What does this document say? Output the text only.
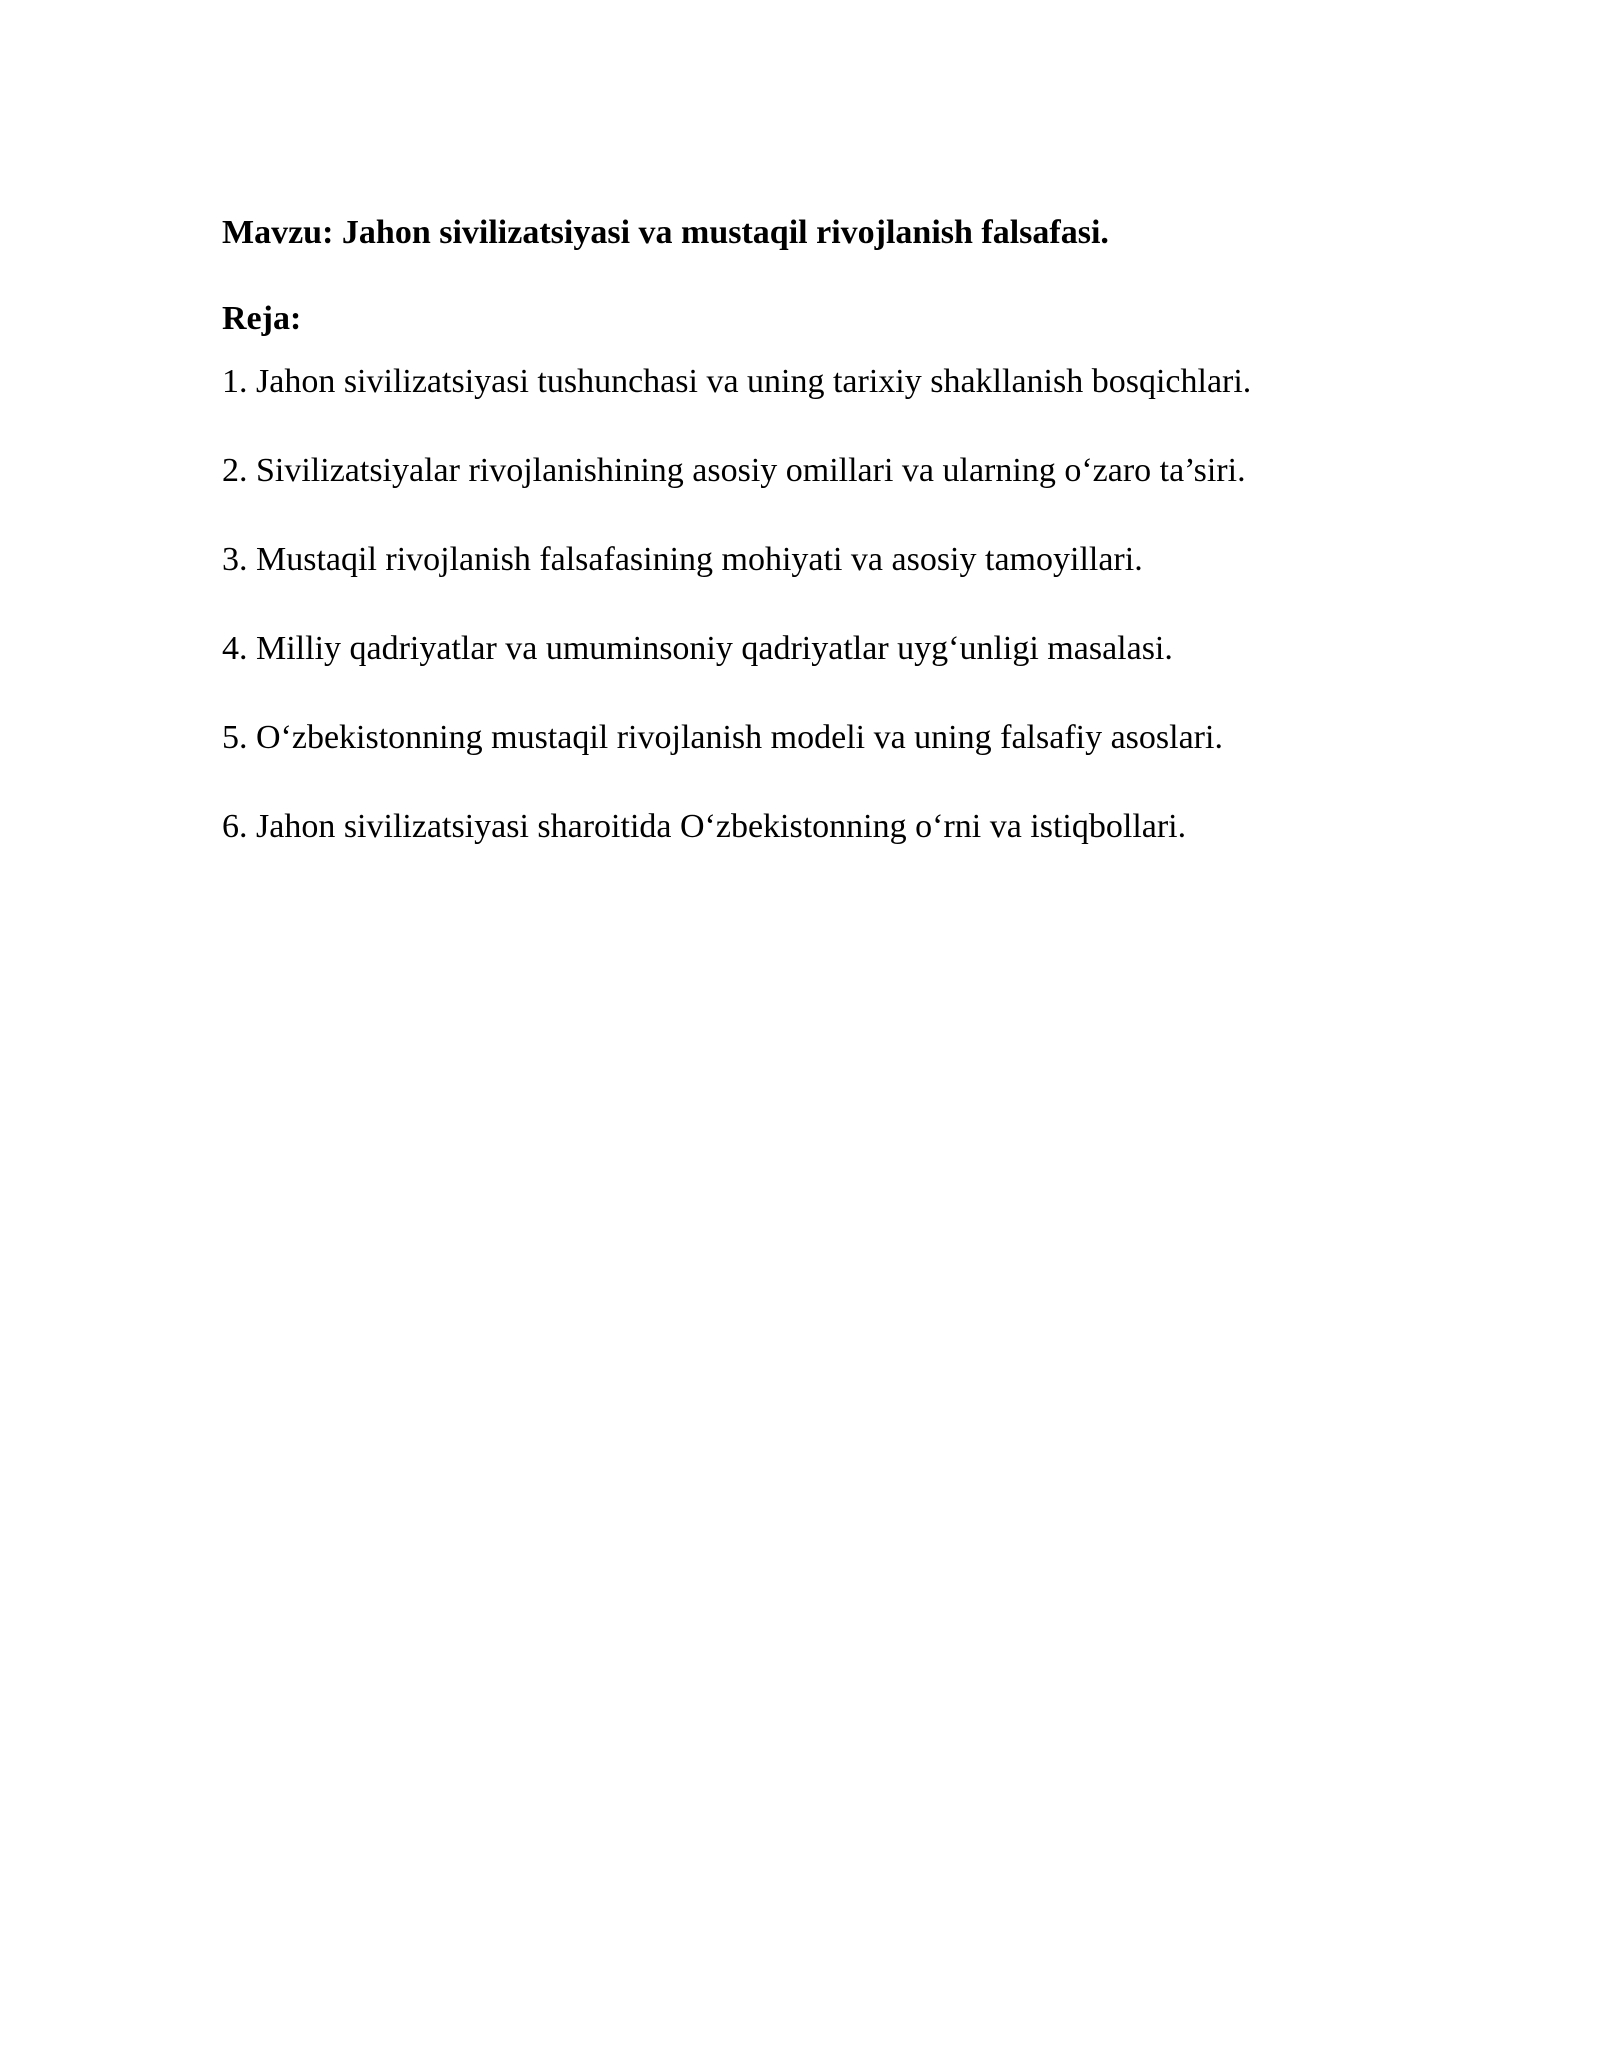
Mavzu: Jahon sivilizatsiyasi va mustaqil rivojlanish falsafasi.

Reja:

1. Jahon sivilizatsiyasi tushunchasi va uning tarixiy shakllanish bosqichlari.
2. Sivilizatsiyalar rivojlanishining asosiy omillari va ularning o‘zaro ta’siri.
3. Mustaqil rivojlanish falsafasining mohiyati va asosiy tamoyillari.
4. Milliy qadriyatlar va umuminsoniy qadriyatlar uyg‘unligi masalasi.
5. O‘zbekistonning mustaqil rivojlanish modeli va uning falsafiy asoslari.
6. Jahon sivilizatsiyasi sharoitida O‘zbekistonning o‘rni va istiqbollari.
